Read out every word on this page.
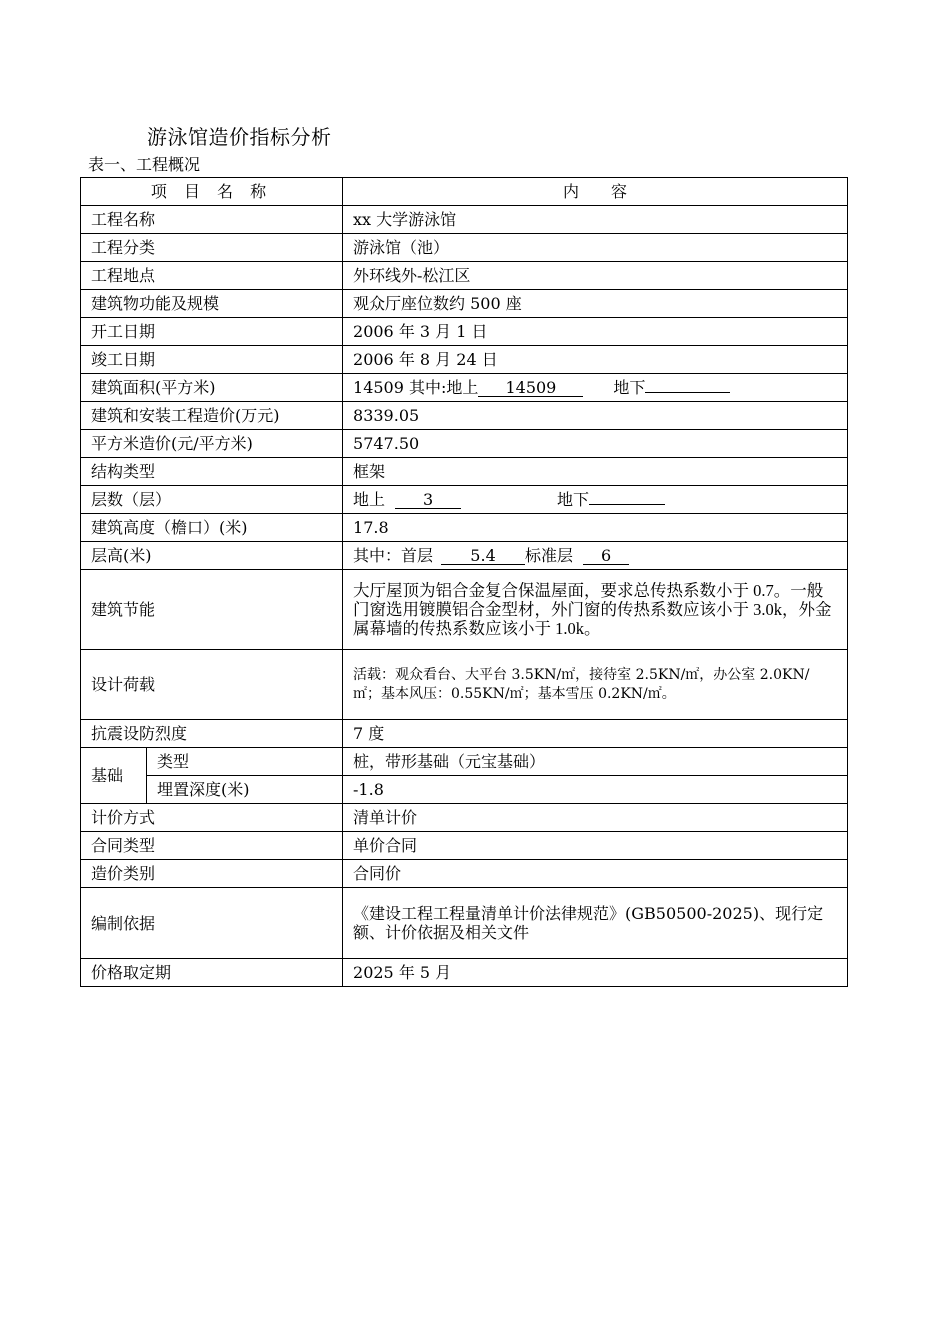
游泳馆造价指标分析
表一、工程概况
项 目 名 称		内　　容
工程名称		xx 大学游泳馆
工程分类		游泳馆（池）
工程地点		外环线外-松江区
建筑物功能及规模		观众厅座位数约 500 座
开工日期		2006 年 3 月 1 日
竣工日期		2006 年 8 月 24 日
建筑面积(平方米)		14509 其中:地上 14509 地下
建筑和安装工程造价(万元)		8339.05
平方米造价(元/平方米)		5747.50
结构类型		框架
层数（层）		地上 3 地下
建筑高度（檐口）(米)		17.8
层高(米)		其中：首层 5.4 标准层 6
建筑节能		大厅屋顶为铝合金复合保温屋面，要求总传热系数小于 0.7。一般门窗选用镀膜铝合金型材，外门窗的传热系数应该小于 3.0k，外金属幕墙的传热系数应该小于 1.0k。
设计荷载		活载：观众看台、大平台 3.5KN/㎡，接待室 2.5KN/㎡，办公室 2.0KN/㎡；基本风压：0.55KN/㎡；基本雪压 0.2KN/㎡。
抗震设防烈度		7 度
基础	类型	桩，带形基础（元宝基础）
	埋置深度(米)	-1.8
计价方式		清单计价
合同类型		单价合同
造价类别		合同价
编制依据		《建设工程工程量清单计价法律规范》(GB50500-2025)、现行定额、计价依据及相关文件
价格取定期		2025 年 5 月
